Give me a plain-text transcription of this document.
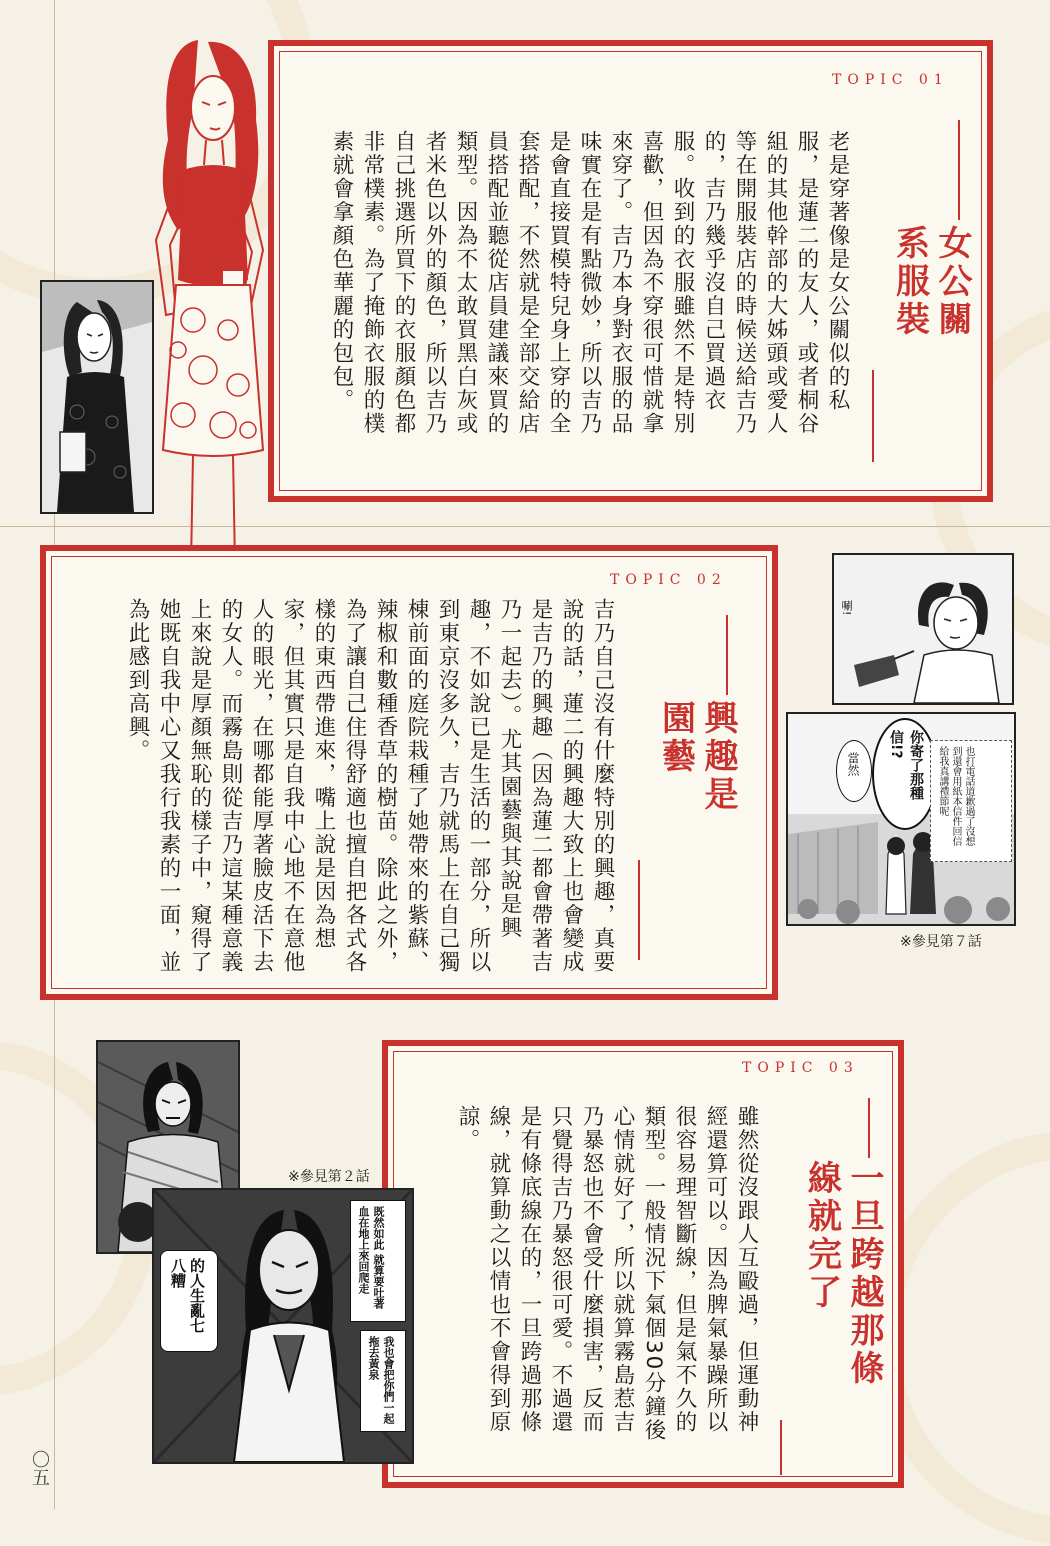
TOPIC 01
女公關系服裝
老是穿著像是女公關似的私服，是蓮二的友人，或者桐谷組的其他幹部的大姊頭或愛人等在開服裝店的時候送給吉乃的，吉乃幾乎沒自己買過衣服。收到的衣服雖然不是特別喜歡，但因為不穿很可惜就拿來穿了。吉乃本身對衣服的品味實在是有點微妙，所以吉乃是會直接買模特兒身上穿的全套搭配，不然就是全部交給店員搭配並聽從店員建議來買的類型。因為不太敢買黑白灰或者米色以外的顏色，所以吉乃自己挑選所買下的衣服顏色都非常樸素。為了掩飾衣服的樸素就會拿顏色華麗的包包。
TOPIC 02
興趣是園藝
吉乃自己沒有什麼特別的興趣，真要說的話，蓮二的興趣大致上也會變成是吉乃的興趣（因為蓮二都會帶著吉乃一起去）。尤其園藝與其說是興趣，不如說已是生活的一部分，所以到東京沒多久，吉乃就馬上在自己獨棟前面的庭院栽種了她帶來的紫蘇、辣椒和數種香草的樹苗。除此之外，為了讓自己住得舒適也擅自把各式各樣的東西帶進來，嘴上說是因為想家，但其實只是自我中心地不在意他人的眼光，在哪都能厚著臉皮活下去的女人。而霧島則從吉乃這某種意義上來說是厚顏無恥的樣子中，窺得了她既自我中心又我行我素的一面，並為此感到高興。	唰!
你寄了那種信!?
當然	也打電話道歉過了沒想到還會用紙本信件回信給我真講禮節呢
※參見第７話
TOPIC 03
一旦跨越那條線就完了
雖然從沒跟人互毆過，但運動神經還算可以。因為脾氣暴躁所以很容易理智斷線，但是氣不久的類型。一般情況下氣個30分鐘後心情就好了，所以就算霧島惹吉乃暴怒也不會受什麼損害，反而只覺得吉乃暴怒很可愛。不過還是有條底線在的，一旦跨過那條線，就算動之以情也不會得到原諒。
※參見第２話
既然如此 就算要吐著血在地上來回爬走
我也會把你們一起拖去黃泉
的人生亂七八糟
〇五
